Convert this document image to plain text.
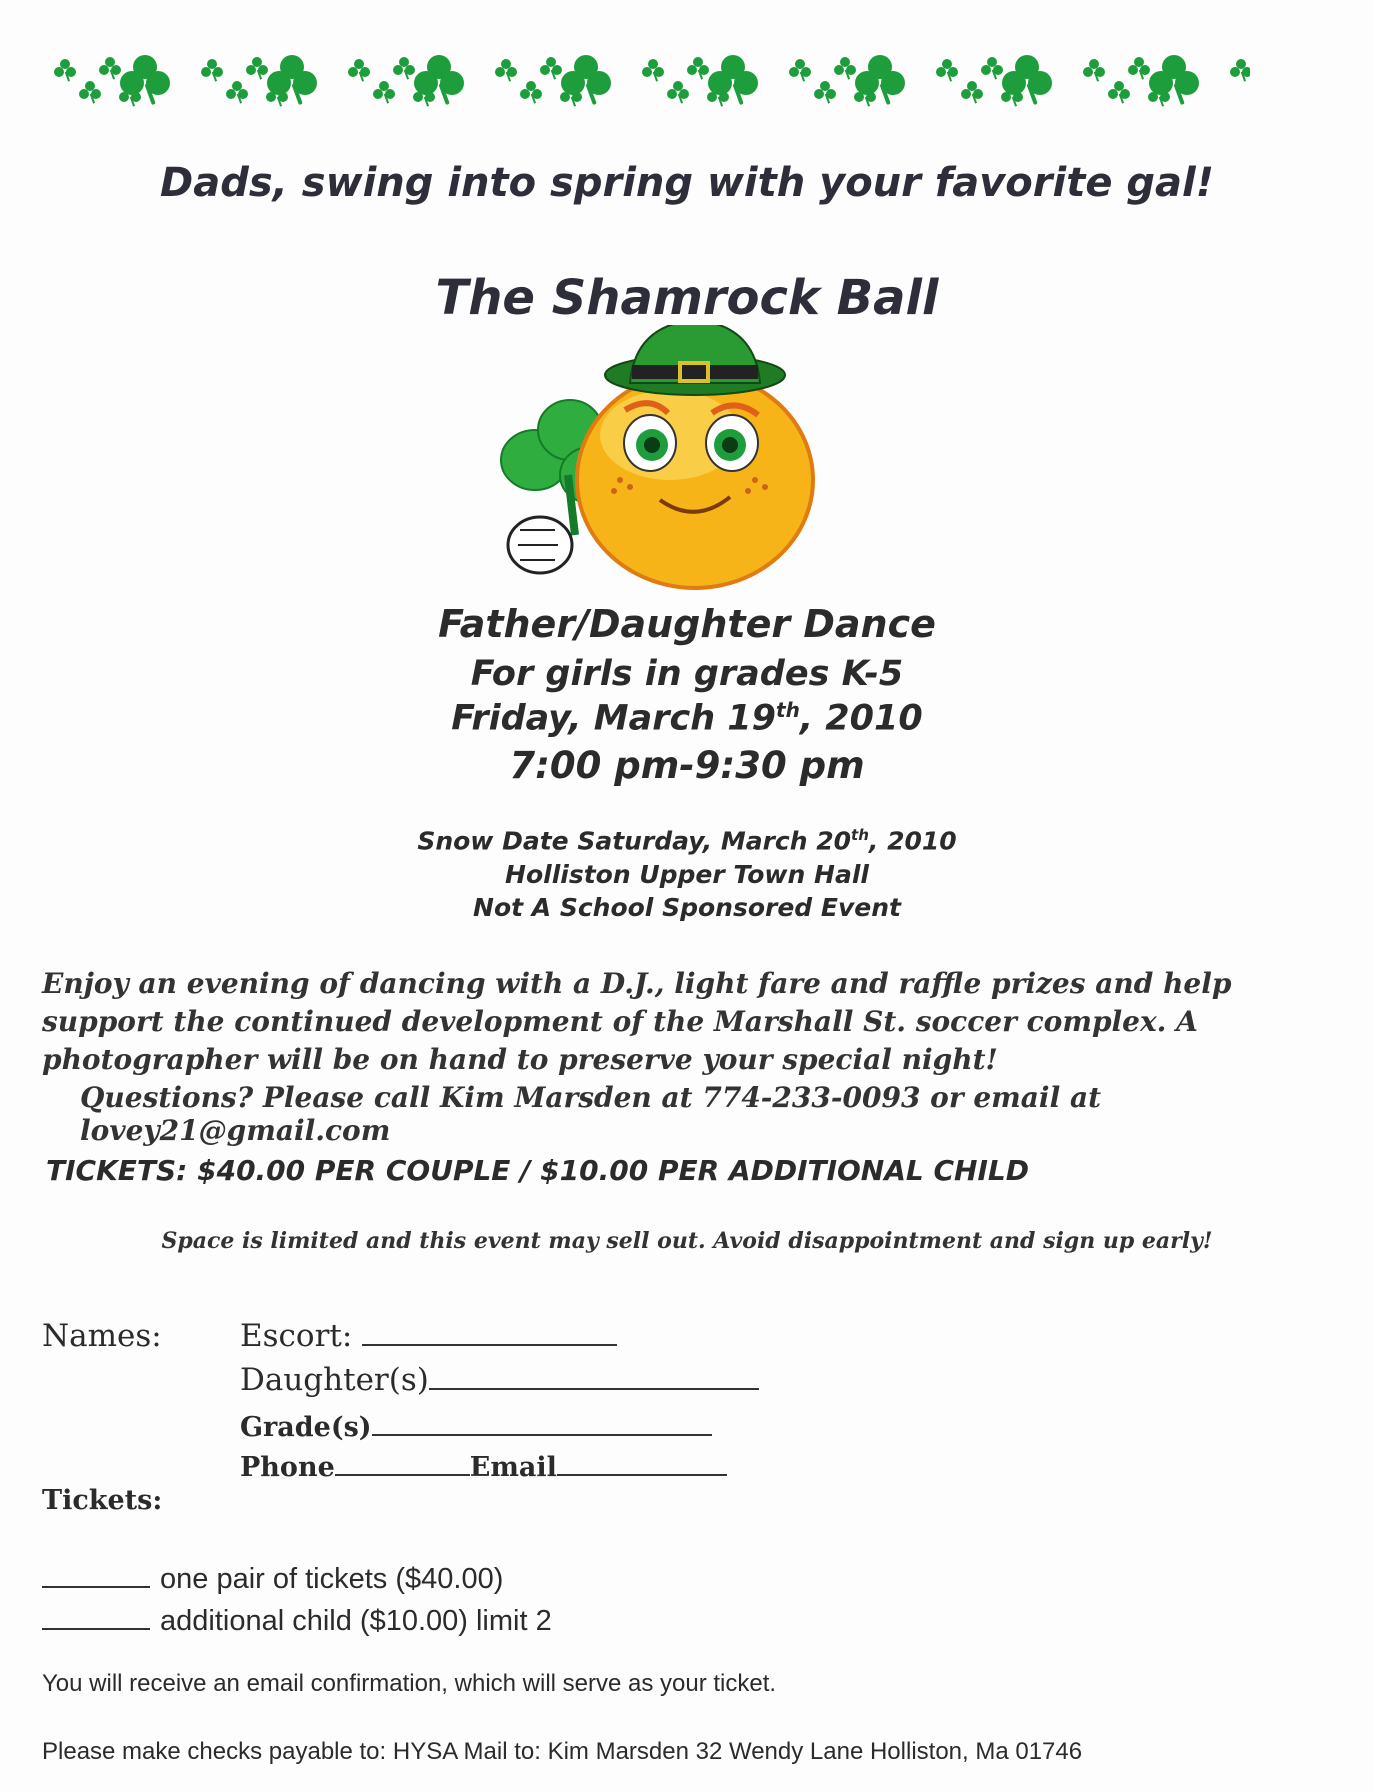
Dads, swing into spring with your favorite gal!
The Shamrock Ball
Father/Daughter Dance
For girls in grades K-5
Friday, March 19th, 2010
7:00 pm-9:30 pm
Snow Date Saturday, March 20th, 2010
Holliston Upper Town Hall
Not A School Sponsored Event
Enjoy an evening of dancing with a D.J., light fare and raffle prizes and help support the continued development of the Marshall St. soccer complex. A photographer will be on hand to preserve your special night!
Questions? Please call Kim Marsden at 774-233-0093 or email at lovey21@gmail.com
TICKETS: $40.00 PER COUPLE / $10.00 PER ADDITIONAL CHILD
Space is limited and this event may sell out. Avoid disappointment and sign up early!
Names:	Escort:
Daughter(s)
Grade(s)
Phone	Email
Tickets:
one pair of tickets ($40.00)
additional child ($10.00) limit 2
You will receive an email confirmation, which will serve as your ticket.
Please make checks payable to: HYSA Mail to: Kim Marsden 32 Wendy Lane Holliston, Ma 01746
